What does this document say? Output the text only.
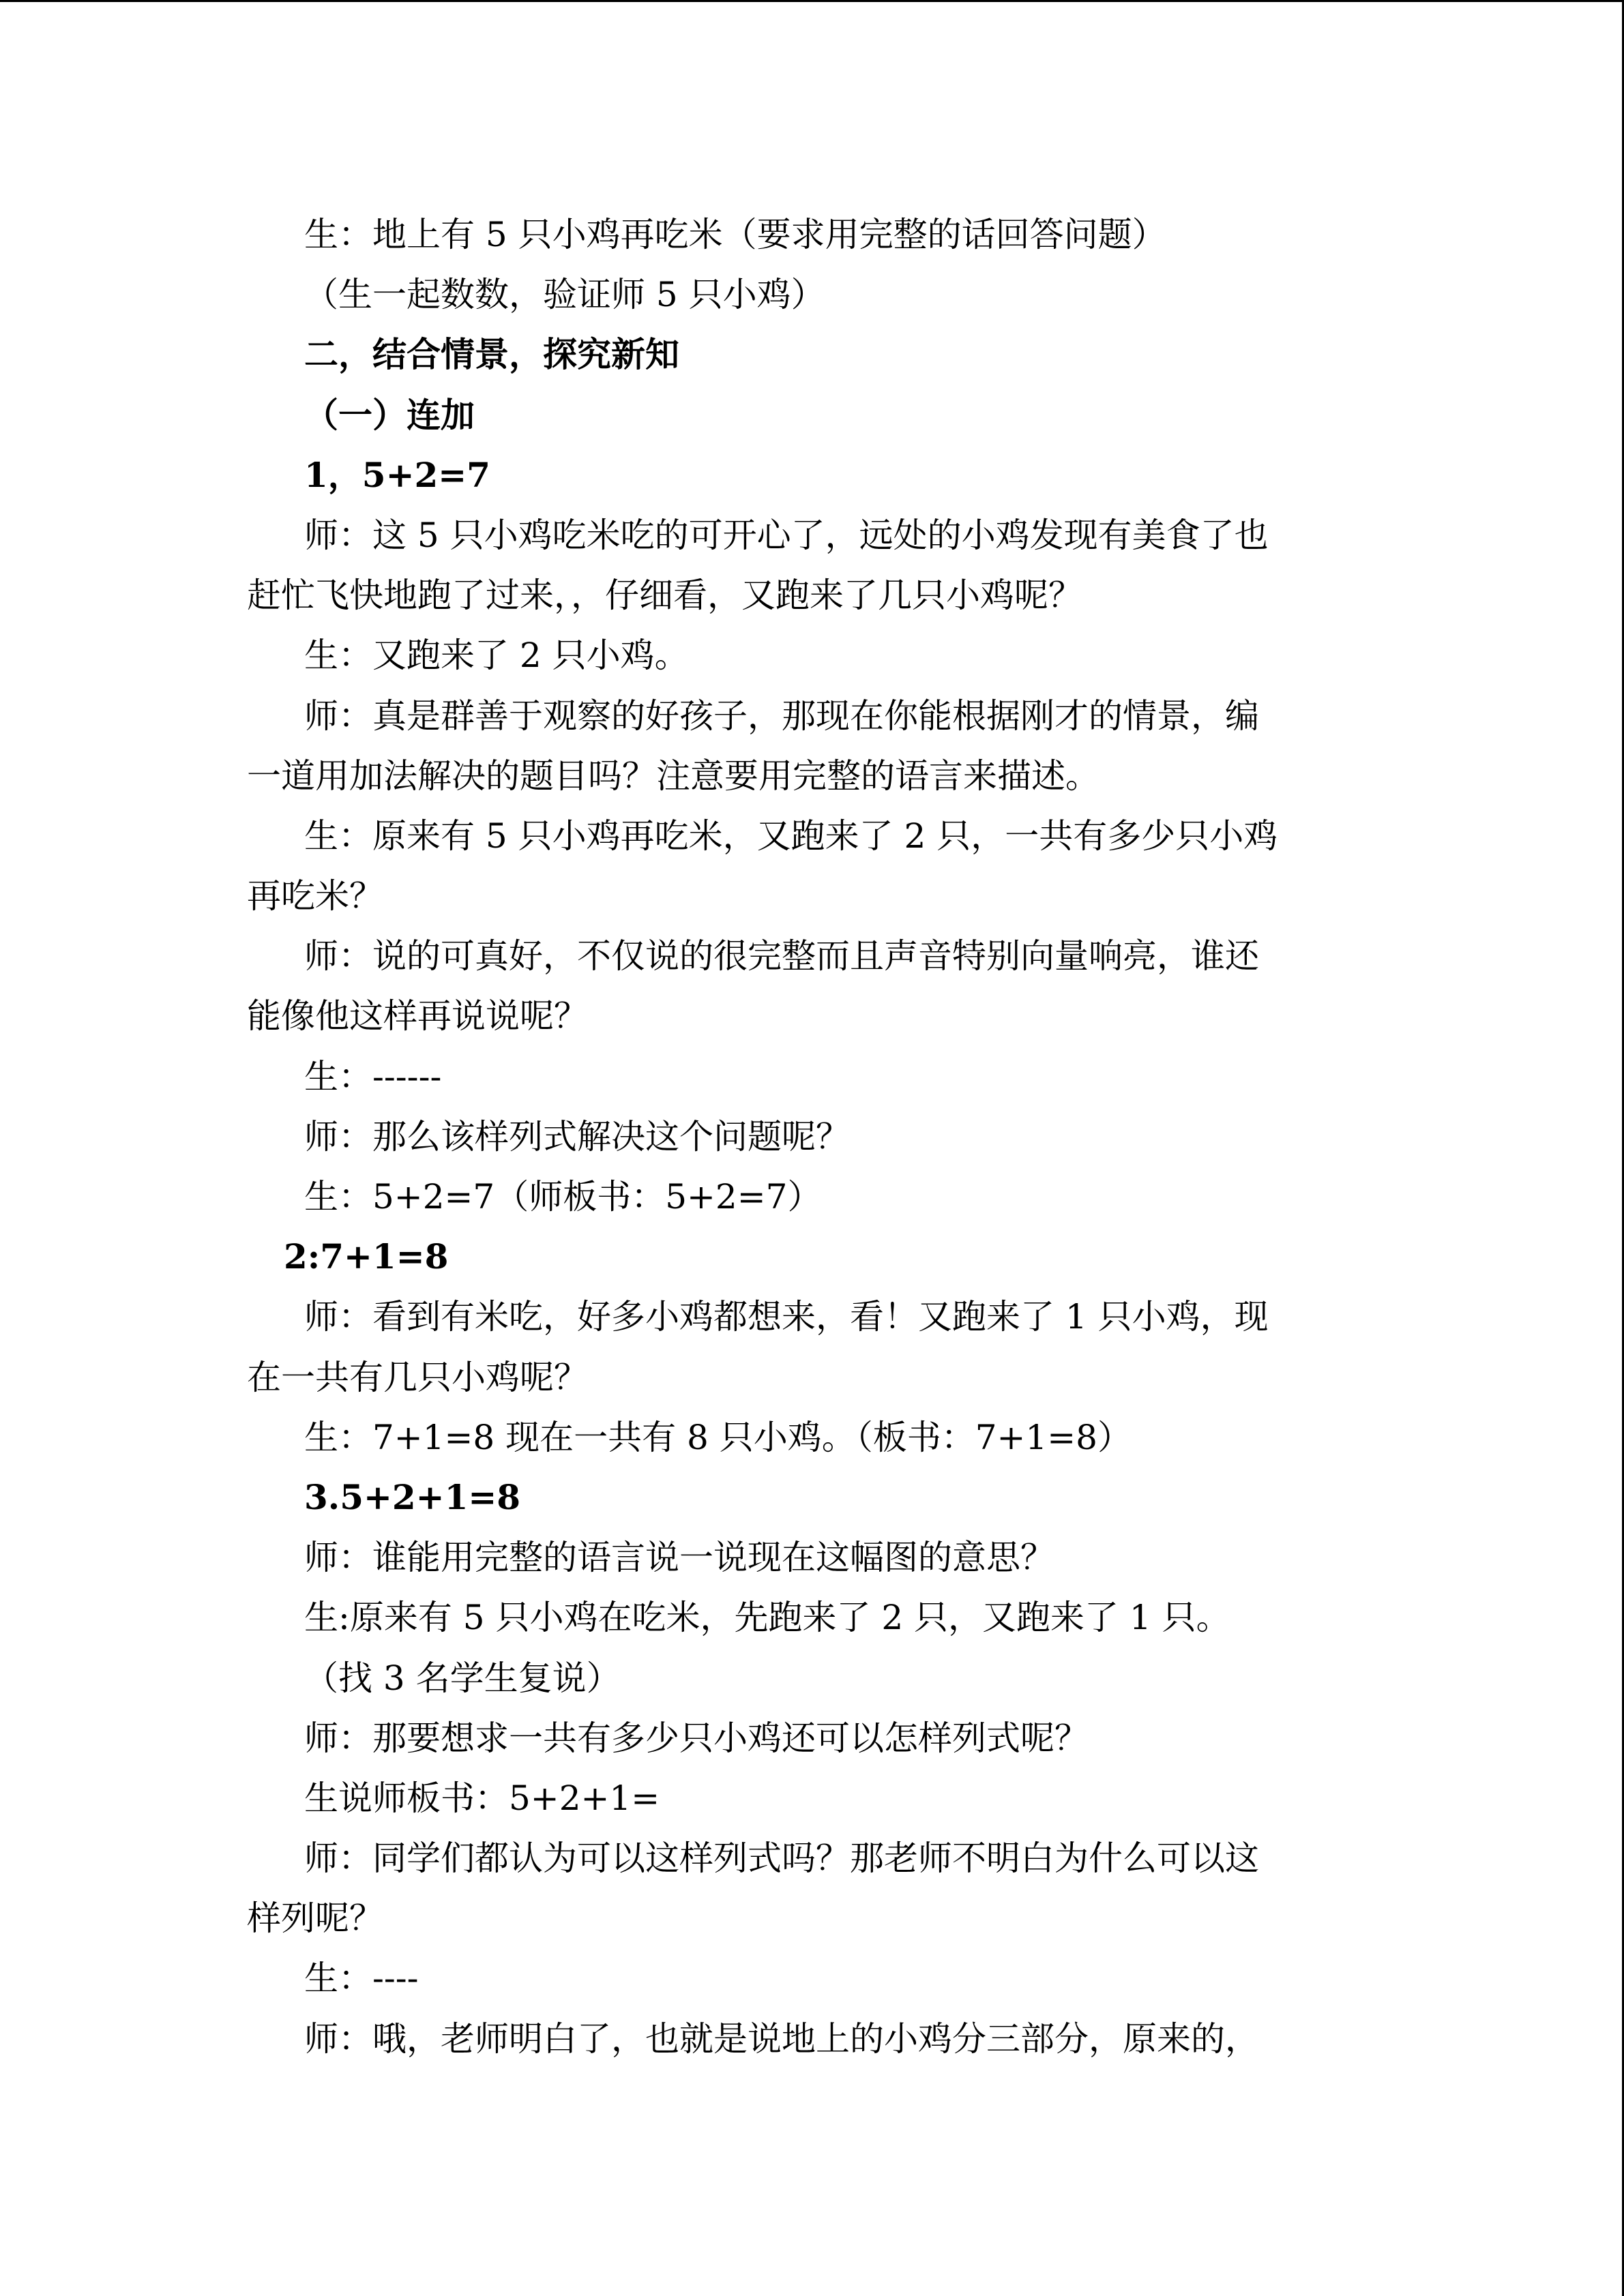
生：地上有 5 只小鸡再吃米（要求用完整的话回答问题）
（生一起数数，验证师 5 只小鸡）
二，结合情景，探究新知
（一）连加
1，5+2=7
师：这 5 只小鸡吃米吃的可开心了，远处的小鸡发现有美食了也
赶忙飞快地跑了过来，，仔细看，又跑来了几只小鸡呢？
生：又跑来了 2 只小鸡。
师：真是群善于观察的好孩子，那现在你能根据刚才的情景，编
一道用加法解决的题目吗？注意要用完整的语言来描述。
生：原来有 5 只小鸡再吃米，又跑来了 2 只，一共有多少只小鸡
再吃米？
师：说的可真好，不仅说的很完整而且声音特别向量响亮，谁还
能像他这样再说说呢？
生：------
师：那么该样列式解决这个问题呢？
生：5+2=7（师板书：5+2=7）
2:7+1=8
师：看到有米吃，好多小鸡都想来，看！又跑来了 1 只小鸡，现
在一共有几只小鸡呢？
生：7+1=8 现在一共有 8 只小鸡。（板书：7+1=8）
3.5+2+1=8
师：谁能用完整的语言说一说现在这幅图的意思？
生:原来有 5 只小鸡在吃米，先跑来了 2 只，又跑来了 1 只。
（找 3 名学生复说）
师：那要想求一共有多少只小鸡还可以怎样列式呢？
生说师板书：5+2+1=
师：同学们都认为可以这样列式吗？那老师不明白为什么可以这
样列呢？
生：----
师：哦，老师明白了，也就是说地上的小鸡分三部分，原来的，
